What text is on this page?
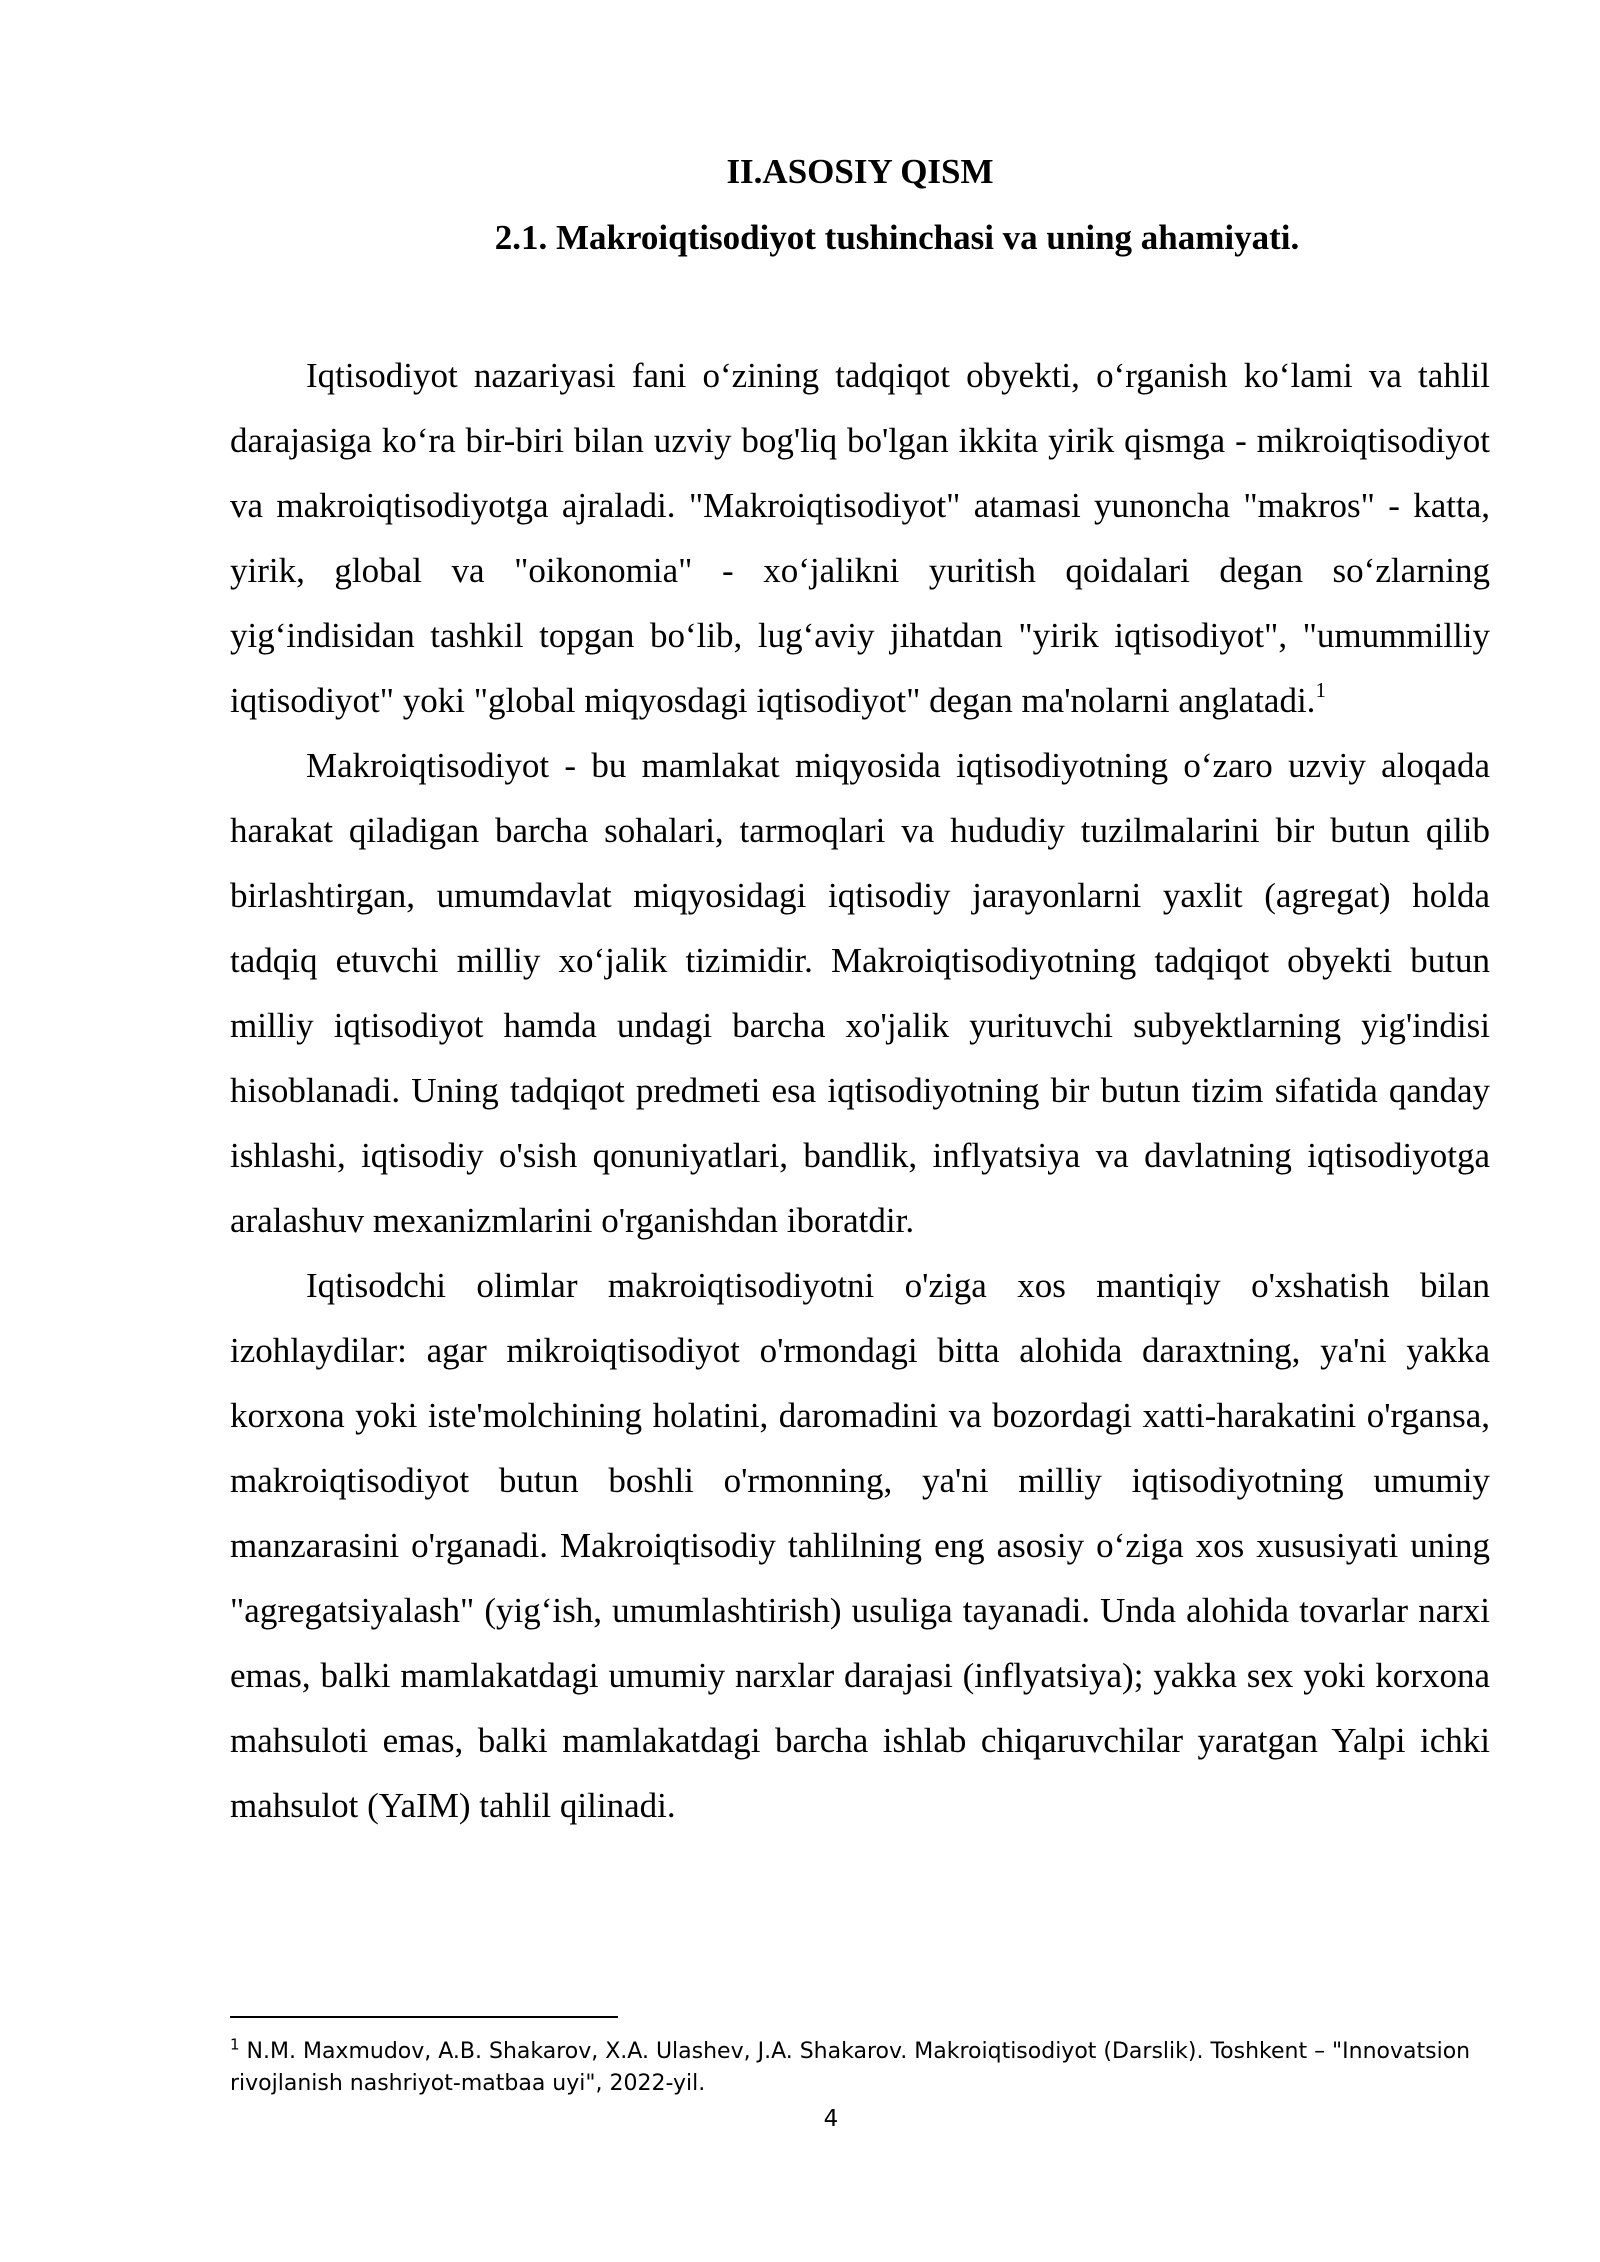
II.ASOSIY QISM
2.1. Makroiqtisodiyot tushinchasi va uning ahamiyati.

Iqtisodiyot nazariyasi fani o‘zining tadqiqot obyekti, o‘rganish ko‘lami va tahlil darajasiga ko‘ra bir-biri bilan uzviy bog'liq bo'lgan ikkita yirik qismga - mikroiqtisodiyot va makroiqtisodiyotga ajraladi. "Makroiqtisodiyot" atamasi yunoncha "makros" - katta, yirik, global va "oikonomia" - xo‘jalikni yuritish qoidalari degan so‘zlarning yig‘indisidan tashkil topgan bo‘lib, lug‘aviy jihatdan "yirik iqtisodiyot", "umummilliy iqtisodiyot" yoki "global miqyosdagi iqtisodiyot" degan ma'nolarni anglatadi.$^1$

Makroiqtisodiyot - bu mamlakat miqyosida iqtisodiyotning o‘zaro uzviy aloqada harakat qiladigan barcha sohalari, tarmoqlari va hududiy tuzilmalarini bir butun qilib birlashtirgan, umumdavlat miqyosidagi iqtisodiy jarayonlarni yaxlit (agregat) holda tadqiq etuvchi milliy xo‘jalik tizimidir. Makroiqtisodiyotning tadqiqot obyekti butun milliy iqtisodiyot hamda undagi barcha xo'jalik yurituvchi subyektlarning yig'indisi hisoblanadi. Uning tadqiqot predmeti esa iqtisodiyotning bir butun tizim sifatida qanday ishlashi, iqtisodiy o'sish qonuniyatlari, bandlik, inflyatsiya va davlatning iqtisodiyotga aralashuv mexanizmlarini o'rganishdan iboratdir.

Iqtisodchi olimlar makroiqtisodiyotni o'ziga xos mantiqiy o'xshatish bilan izohlaydilar: agar mikroiqtisodiyot o'rmondagi bitta alohida daraxtning, ya'ni yakka korxona yoki iste'molchining holatini, daromadini va bozordagi xatti-harakatini o'rgansa, makroiqtisodiyot butun boshli o'rmonning, ya'ni milliy iqtisodiyotning umumiy manzarasini o'rganadi. Makroiqtisodiy tahlilning eng asosiy o‘ziga xos xususiyati uning "agregatsiyalash" (yig‘ish, umumlashtirish) usuliga tayanadi. Unda alohida tovarlar narxi emas, balki mamlakatdagi umumiy narxlar darajasi (inflyatsiya); yakka sex yoki korxona mahsuloti emas, balki mamlakatdagi barcha ishlab chiqaruvchilar yaratgan Yalpi ichki mahsulot (YaIM) tahlil qilinadi.

$^1$ N.M. Maxmudov, A.B. Shakarov, X.A. Ulashev, J.A. Shakarov. Makroiqtisodiyot (Darslik). Toshkent – "Innovatsion rivojlanish nashriyot-matbaa uyi", 2022-yil.

4
